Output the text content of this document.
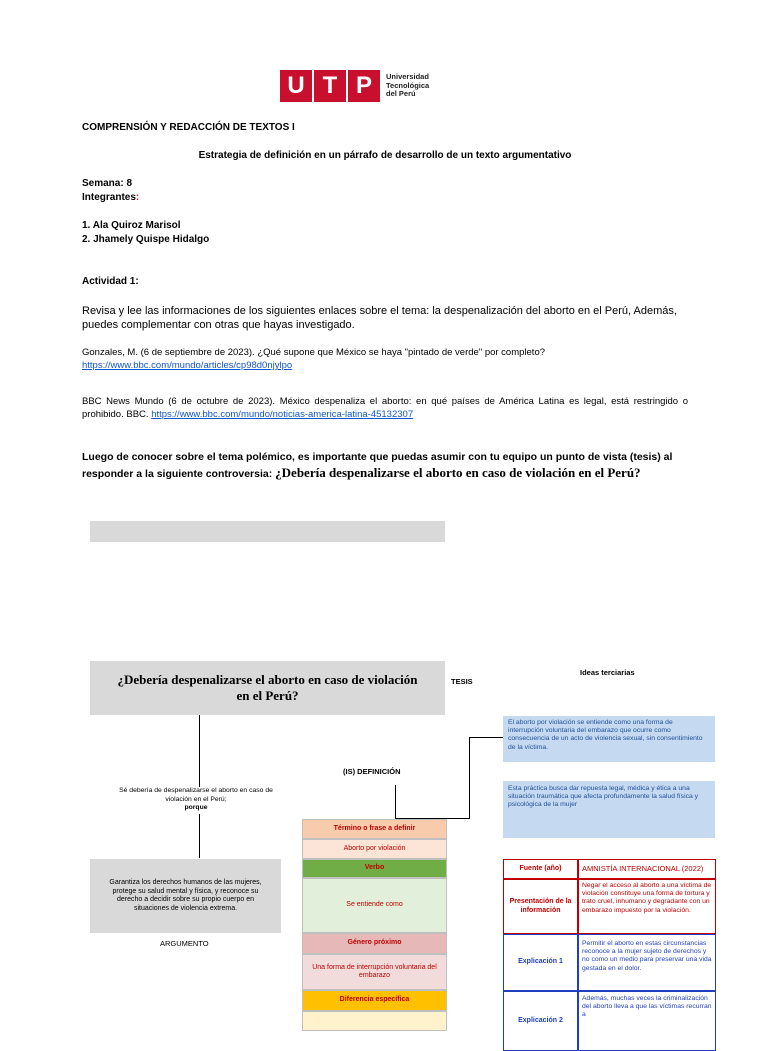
U T P	Universidad
Tecnológica
del Perú
COMPRENSIÓN Y REDACCIÓN DE TEXTOS I
Estrategia de definición en un párrafo de desarrollo de un texto argumentativo
Semana: 8
Integrantes:
1. Ala Quiroz Marisol
2. Jhamely Quispe Hidalgo
Actividad 1:
Revisa y lee las informaciones de los siguientes enlaces sobre el tema: la despenalización del aborto en el Perú, Además, puedes complementar con otras que hayas investigado.
Gonzales, M. (6 de septiembre de 2023). ¿Qué supone que México se haya "pintado de verde" por completo?
https://www.bbc.com/mundo/articles/cp98d0njylpo
BBC News Mundo (6 de octubre de 2023). México despenaliza el aborto: en qué países de América Latina es legal, está restringido o prohibido. BBC. https://www.bbc.com/mundo/noticias-america-latina-45132307
Luego de conocer sobre el tema polémico, es importante que puedas asumir con tu equipo un punto de vista (tesis) al responder a la siguiente controversia: ¿Debería despenalizarse el aborto en caso de violación en el Perú?
¿Debería despenalizarse el aborto en caso de violación en el Perú?
TESIS
Ideas terciarias
(IS) DEFINICIÓN
Sé debería de despenalizarse el aborto en caso de violación en el Perú;
porque
Garantiza los derechos humanos de las mujeres, protege su salud mental y física, y reconoce su derecho a decidir sobre su propio cuerpo en situaciones de violencia extrema.
ARGUMENTO
Término o frase a definir
Aborto por violación
Verbo
Se entiende como
Género próximo
Una forma de interrupción voluntaria del embarazo
Diferencia específica
El aborto por violación se entiende como una forma de interrupción voluntaria del embarazo que ocurre como consecuencia de un acto de violencia sexual, sin consentimiento de la víctima.
Esta práctica busca dar repuesta legal, médica y ética a una situación traumática que afecta profundamente la salud física y psicológica de la mujer
Fuente (año)	AMNISTÍA INTERNACIONAL (2022)
Presentación de la información
Negar el acceso al aborto a una víctima de violación constituye una forma de tortura y trato cruel, inhumano y degradante con un embarazo impuesto por la violación.
Explicación 1
Permitir el aborto en estas circunstancias reconoce a la mujer sujeto de derechos y no como un medio para preservar una vida gestada en el dolor.
Explicación 2
Además, muchas veces la criminalización del aborto lleva a que las víctimas recurran a
